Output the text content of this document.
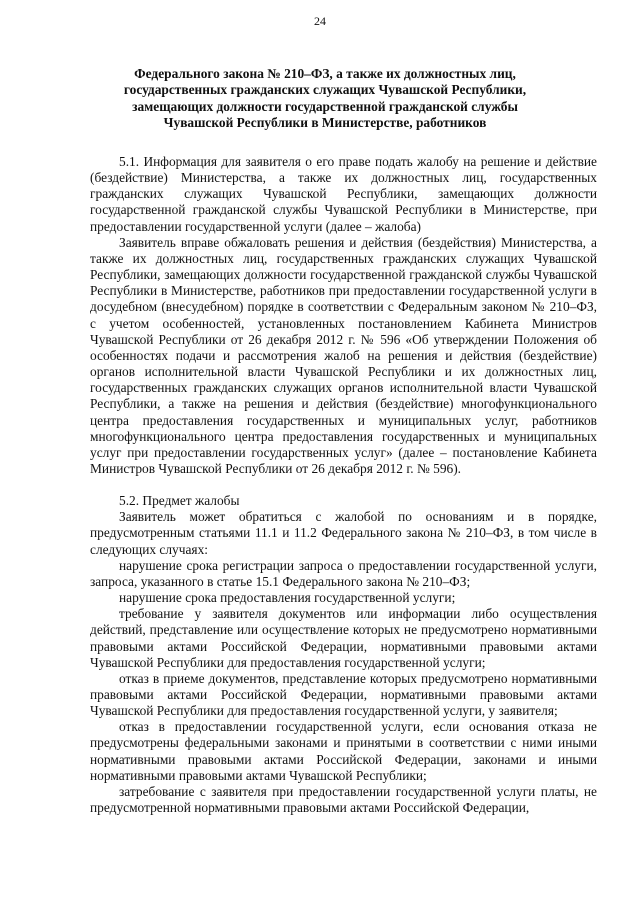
24
Федерального закона № 210–ФЗ, а также их должностных лиц,
государственных гражданских служащих Чувашской Республики,
замещающих должности государственной гражданской службы
Чувашской Республики в Министерстве, работников

5.1. Информация для заявителя о его праве подать жалобу на решение и действие (бездействие) Министерства, а также их должностных лиц, государственных гражданских служащих Чувашской Республики, замещающих должности государственной гражданской службы Чувашской Республики в Министерстве, при предоставлении государственной услуги (далее – жалоба)

Заявитель вправе обжаловать решения и действия (бездействия) Министерства, а также их должностных лиц, государственных гражданских служащих Чувашской Республики, замещающих должности государственной гражданской службы Чувашской Республики в Министерстве, работников при предоставлении государственной услуги в досудебном (внесудебном) порядке в соответствии с Федеральным законом № 210–ФЗ, с учетом особенностей, установленных постановлением Кабинета Министров Чувашской Республики от 26 декабря 2012 г. № 596 «Об утверждении Положения об особенностях подачи и рассмотрения жалоб на решения и действия (бездействие) органов исполнительной власти Чувашской Республики и их должностных лиц, государственных гражданских служащих органов исполнительной власти Чувашской Республики, а также на решения и действия (бездействие) многофункционального центра предоставления государственных и муниципальных услуг, работников многофункционального центра предоставления государственных и муниципальных услуг при предоставлении государственных услуг» (далее – постановление Кабинета Министров Чувашской Республики от 26 декабря 2012 г. № 596).

5.2. Предмет жалобы

Заявитель может обратиться с жалобой по основаниям и в порядке, предусмотренным статьями 11.1 и 11.2 Федерального закона № 210–ФЗ, в том числе в следующих случаях:

нарушение срока регистрации запроса о предоставлении государственной услуги, запроса, указанного в статье 15.1 Федерального закона № 210–ФЗ;

нарушение срока предоставления государственной услуги;

требование у заявителя документов или информации либо осуществления действий, представление или осуществление которых не предусмотрено нормативными правовыми актами Российской Федерации, нормативными правовыми актами Чувашской Республики для предоставления государственной услуги;

отказ в приеме документов, представление которых предусмотрено нормативными правовыми актами Российской Федерации, нормативными правовыми актами Чувашской Республики для предоставления государственной услуги, у заявителя;

отказ в предоставлении государственной услуги, если основания отказа не предусмотрены федеральными законами и принятыми в соответствии с ними иными нормативными правовыми актами Российской Федерации, законами и иными нормативными правовыми актами Чувашской Республики;

затребование с заявителя при предоставлении государственной услуги платы, не предусмотренной нормативными правовыми актами Российской Федерации,
